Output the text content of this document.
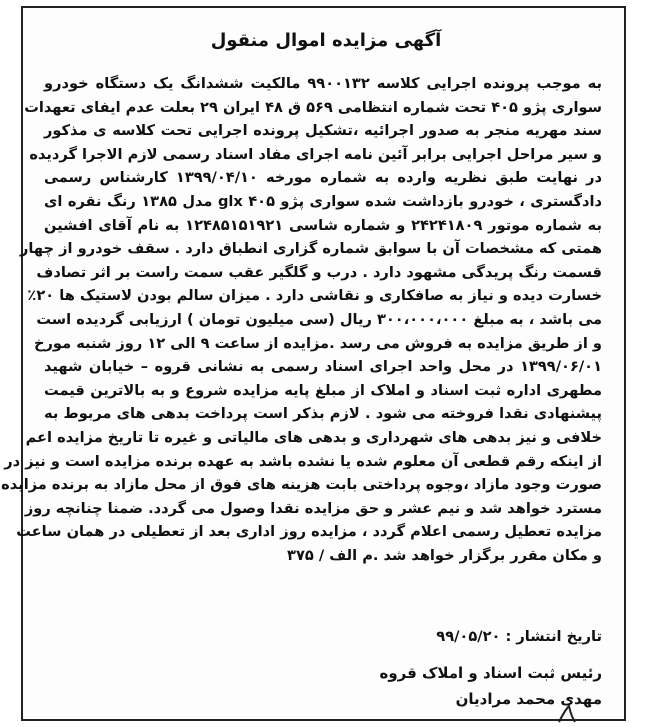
آگهی مزایده اموال منقول
به موجب پرونده اجرایی کلاسه ۹۹۰۰۱۳۲ مالکیت ششدانگ یک دستگاه خودرو
سواری پژو ۴۰۵ تحت شماره انتظامی ۵۶۹ ق ۴۸ ایران ۲۹ بعلت عدم ایفای تعهدات
سند مهریه منجر به صدور اجرائیه ،تشکیل پرونده اجرایی تحت کلاسه ی مذکور
و سیر مراحل اجرایی برابر آئین نامه اجرای مفاد اسناد رسمی لازم الاجرا گردیده
در نهایت طبق نظریه وارده به شماره مورخه ۱۳۹۹/۰۴/۱۰ کارشناس رسمی
دادگستری ، خودرو بازداشت شده سواری پژو glx ۴۰۵ مدل ۱۳۸۵ رنگ نقره ای
به شماره موتور ۲۴۲۴۱۸۰۹ و شماره شاسی ۱۲۴۸۵۱۵۱۹۲۱ به نام آقای افشین
همتی که مشخصات آن با سوابق شماره گزاری انطباق دارد . سقف خودرو از چهار
قسمت رنگ پریدگی مشهود دارد . درب و گلگیر عقب سمت راست بر اثر تصادف
خسارت دیده و نیاز به صافکاری و نقاشی دارد . میزان سالم بودن لاستیک ها ۲۰٪
می باشد ، به مبلغ ۳۰۰،۰۰۰،۰۰۰ ریال (سی میلیون تومان ) ارزیابی گردیده است
و از طریق مزایده به فروش می رسد .مزایده از ساعت ۹ الی ۱۲ روز شنبه مورخ
۱۳۹۹/۰۶/۰۱ در محل واحد اجرای اسناد رسمی به نشانی قروه – خیابان شهید
مطهری اداره ثبت اسناد و املاک از مبلغ پایه مزایده شروع و به بالاترین قیمت
پیشنهادی نقدا فروخته می شود . لازم بذکر است پرداخت بدهی های مربوط به
خلافی و نیز بدهی های شهرداری و بدهی های مالیاتی و غیره تا تاریخ مزایده اعم
از اینکه رقم قطعی آن معلوم شده یا نشده باشد به عهده برنده مزایده است و نیز در
صورت وجود مازاد ،وجوه پرداختی بابت هزینه های فوق از محل مازاد به برنده مزایده
مسترد خواهد شد و نیم عشر و حق مزایده نقدا وصول می گردد. ضمنا چنانچه روز
مزایده تعطیل رسمی اعلام گردد ، مزایده روز اداری بعد از تعطیلی در همان ساعت
و مکان مقرر برگزار خواهد شد .م الف / ۳۷۵
تاریخ انتشار : ۹۹/۰۵/۲۰
رئیس ثبت اسناد و املاک قروه
مهدی محمد مرادیان
